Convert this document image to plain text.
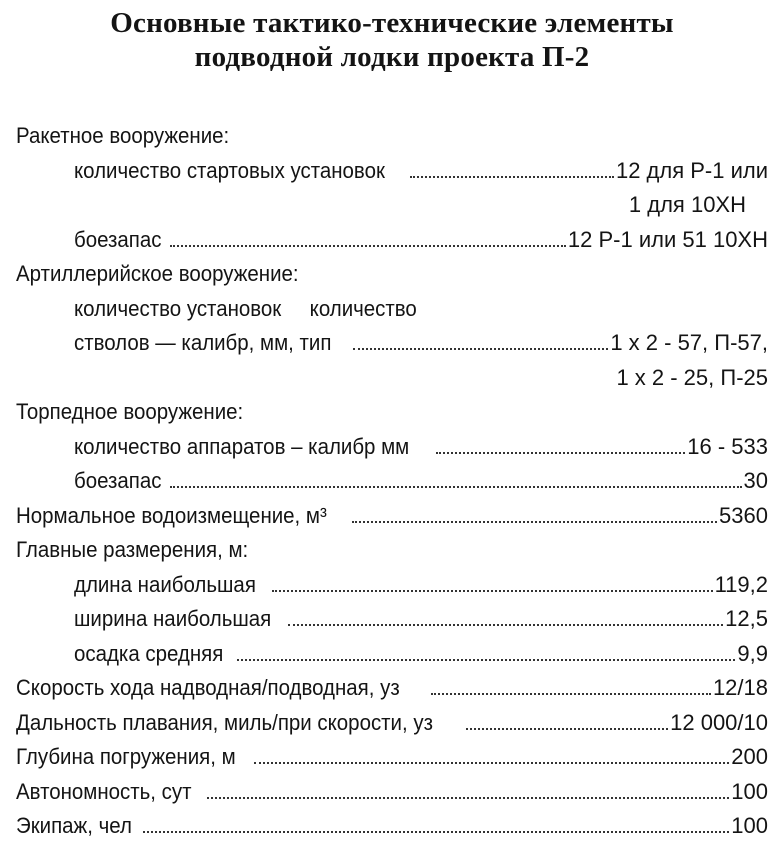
Основные тактико-технические элементы
подводной лодки проекта П-2
Ракетное вооружение:
количество стартовых установок	12 для Р-1 или
1 для 10ХН
боезапас	12 Р-1 или 51 10ХН
Артиллерийское вооружение:
количество установок     количество
стволов — калибр, мм, тип	1 х 2 - 57, П-57,
1 х 2 - 25, П-25
Торпедное вооружение:
количество аппаратов – калибр мм	16 - 533
боезапас	30
Нормальное водоизмещение, м³	5360
Главные размерения, м:
длина наибольшая	119,2
ширина наибольшая	12,5
осадка средняя	9,9
Скорость хода надводная/подводная, уз	12/18
Дальность плавания, миль/при скорости, уз	12 000/10
Глубина погружения, м	200
Автономность, сут	100
Экипаж, чел	100
